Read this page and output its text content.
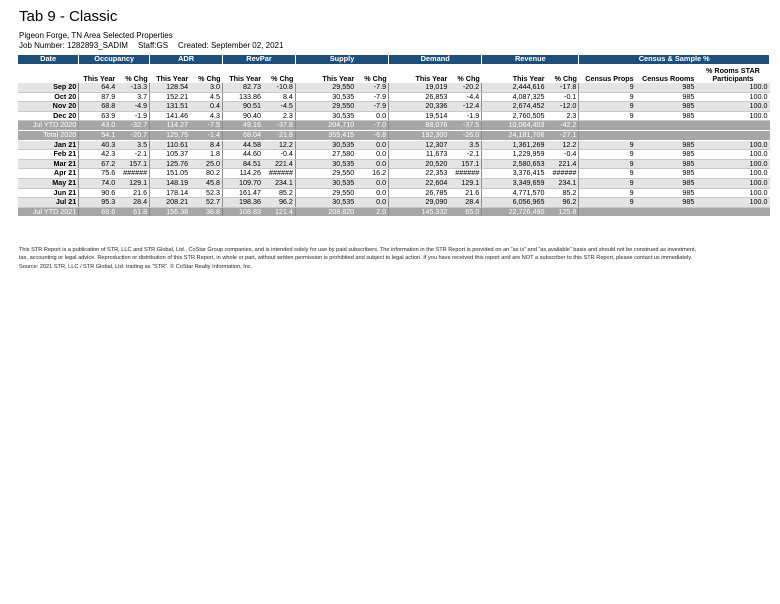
Tab 9 - Classic
Pigeon Forge, TN Area Selected Properties
Job Number: 1282893_SADIM Staff:GS Created: September 02, 2021
Date	Occupancy		ADR		RevPar		Supply		Demand		Revenue		Census & Sample %		
	This Year	% Chg	This Year	% Chg	This Year	% Chg	This Year	% Chg	This Year	% Chg	This Year	% Chg	Census Props	Census Rooms	% Rooms STAR Participants
Sep 20	64.4	-13.3	128.54	3.0	82.73	-10.8	29,550	-7.9	19,019	-20.2	2,444,616	-17.8	9	985	100.0
Oct 20	87.9	3.7	152.21	4.5	133.86	8.4	30,535	-7.9	26,853	-4.4	4,087,325	-0.1	9	985	100.0
Nov 20	68.8	-4.9	131.51	0.4	90.51	-4.5	29,550	-7.9	20,336	-12.4	2,674,452	-12.0	9	985	100.0
Dec 20	63.9	-1.9	141.46	4.3	90.40	2.3	30,535	0.0	19,514	-1.9	2,760,505	2.3	9	985	100.0
Jul YTD 2020	43.0	-32.7	114.27	-7.5	49.16	-37.8	204,710	-7.0	88,076	-37.5	10,064,403	-42.2			
Total 2020	54.1	-20.7	125.75	-1.4	68.04	-21.8	355,415	-6.8	192,300	-26.0	24,181,706	-27.1			
Jan 21	40.3	3.5	110.61	8.4	44.58	12.2	30,535	0.0	12,307	3.5	1,361,269	12.2	9	985	100.0
Feb 21	42.3	-2.1	105.37	1.8	44.60	-0.4	27,580	0.0	11,673	-2.1	1,229,959	-0.4	9	985	100.0
Mar 21	67.2	157.1	125.76	25.0	84.51	221.4	30,535	0.0	20,520	157.1	2,580,653	221.4	9	985	100.0
Apr 21	75.6	######	151.05	80.2	114.26	######	29,550	16.2	22,353	######	3,376,415	######	9	985	100.0
May 21	74.0	129.1	148.19	45.8	109.70	234.1	30,535	0.0	22,604	129.1	3,349,659	234.1	9	985	100.0
Jun 21	90.6	21.6	178.14	52.3	161.47	85.2	29,550	0.0	26,785	21.6	4,771,570	85.2	9	985	100.0
Jul 21	95.3	28.4	208.21	52.7	198.36	96.2	30,535	0.0	29,090	28.4	6,056,965	96.2	9	985	100.0
Jul YTD 2021	69.6	61.8	156.38	36.8	108.83	121.4	208,820	2.0	145,332	65.0	22,726,490	125.8			
This STR Report is a publication of STR, LLC and STR Global, Ltd., CoStar Group companies, and is intended solely for use by paid subscribers. The information in the STR Report is provided on an “as is” and “as available” basis and should not be construed as investment,
tax, accounting or legal advice. Reproduction or distribution of this STR Report, in whole or part, without written permission is prohibited and subject to legal action. If you have received this report and are NOT a subscriber to this STR Report, please contact us immediately.
Source: 2021 STR, LLC / STR Global, Ltd. trading as “STR”. © CoStar Realty Information, Inc.
